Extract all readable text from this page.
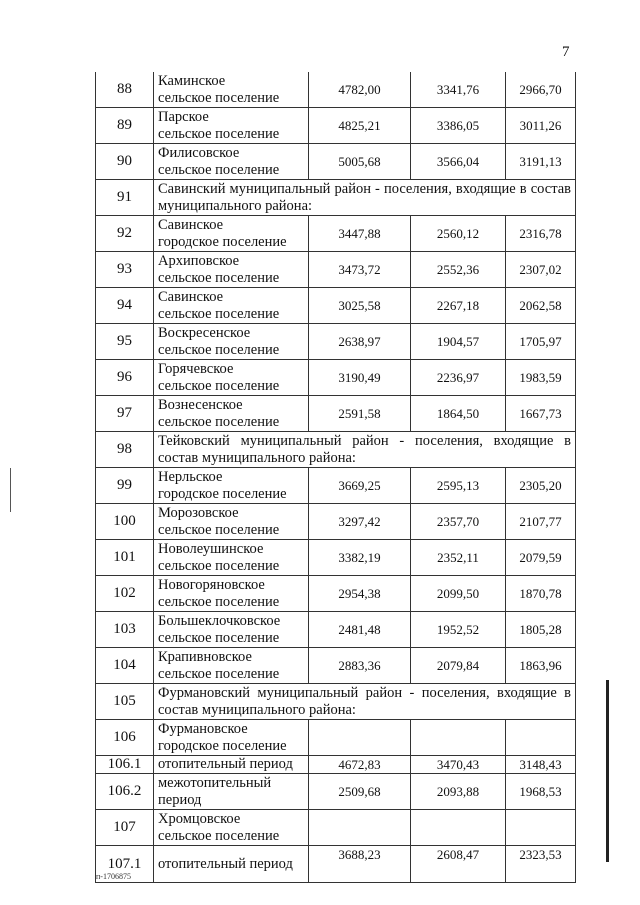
7
88	Каминское
сельское поселение	4782,00	3341,76	2966,70
89	Парское
сельское поселение	4825,21	3386,05	3011,26
90	Филисовское
сельское поселение	5005,68	3566,04	3191,13
91	Савинский муниципальный район - поселения, входящие в состав муниципального района:			
92	Савинское
городское поселение	3447,88	2560,12	2316,78
93	Архиповское
сельское поселение	3473,72	2552,36	2307,02
94	Савинское
сельское поселение	3025,58	2267,18	2062,58
95	Воскресенское
сельское поселение	2638,97	1904,57	1705,97
96	Горячевское
сельское поселение	3190,49	2236,97	1983,59
97	Вознесенское
сельское поселение	2591,58	1864,50	1667,73
98	Тейковский муниципальный район - поселения, входящие в состав муниципального района:			
99	Нерльское
городское поселение	3669,25	2595,13	2305,20
100	Морозовское
сельское поселение	3297,42	2357,70	2107,77
101	Новолеушинское
сельское поселение	3382,19	2352,11	2079,59
102	Новогоряновское
сельское поселение	2954,38	2099,50	1870,78
103	Большеклочковское
сельское поселение	2481,48	1952,52	1805,28
104	Крапивновское
сельское поселение	2883,36	2079,84	1863,96
105	Фурмановский муниципальный район - поселения, входящие в состав муниципального района:			
106	Фурмановское
городское поселение			

106.1	отопительный период	4672,83	3470,43	3148,43
106.2	межотопительный
период	2509,68	2093,88	1968,53
107	Хромцовское
сельское поселение			

107.1	отопительный период	3688,23	2608,47	2323,53
п-1706875
